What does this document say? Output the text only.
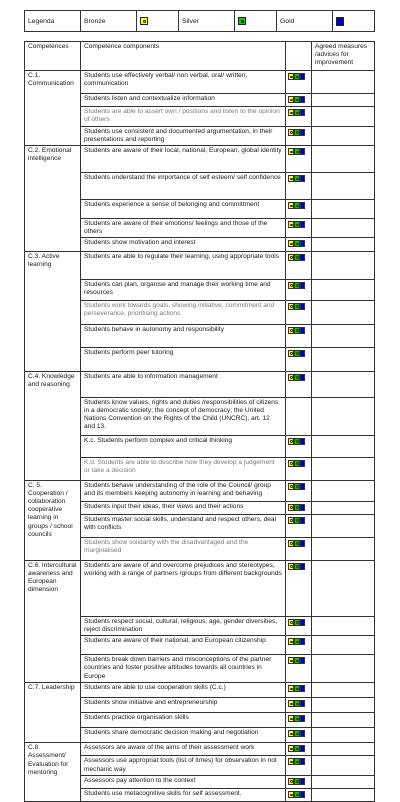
Legenda	Bronze		Silver		Gold	
Competences	Competence components		Agreed measures /advices for improvement
C.1. Communication	Students use effectively verbal/ non verbal, oral/ written, communication	

	Students listen and contextualize information	

	Students are able to assert own / positions and listen to the opinion of others	

	Students use consistent and documented argumentation, in their presentations and reporting	

C.2. Emotional intelligence	Students are aware of their local, national, European, global identity	

	Students understand the importance of self esteem/ self confidence	

	Students experience a sense of belonging and committment	

	Students are aware of their emotions/ feelings and those of the others	

	Students show motivation and interest	

C.3. Active learning	Students are able to regulate their learning, using appropriate tools	

	Students can plan, organise and manage their working time and resources	

	Students work towards goals, showing initiative, commitment and perseverance, prioritising actions	

	Students behave in autonomy and responsibility	

	Students perform peer tutoring	

C.4. Knowledge and reasoning	Students are able to information management	

	Students know values, rights and duties /responsibilities of citizens in a democratic society; the concept of democracy; the United Nations Convention on the Rights of the Child (UNCRC), art. 12 and 13.		
	K.c. Students perform complex and critical thinking	

	K.d. Students are able to describe how they develop a judgement or take a decision	

C. 5. Cooperation / collaboration cooperative learning in groups / school councils	Students behave understanding of the role of the Council/ group and its members keeping autonomy in learning and behaving	

	Students input their ideas, their views and their actions	

	Students master social skills, understand and respect others, deal with conflicts	

	Students show solidarity with the disadvantaged and the marginalised	

C.6. Intercultural awareness and European dimension	Students are aware of and overcome prejudices and stereotypes, working with a range of partners /groups from different backgrounds	

	Students respect social, cultural, religious, age, gender diversities, reject discrimination	

	Students are aware of their national, and European citizenship	

	Students break down barriers and misconceptions of the partner countries and foster positive attitudes towards all countries in Europe	

C.7. Leadership	Students are able to use cooperation skills (C.c.)	

	Students show initiative and entrepreneurship	

	Students practice organisation skills	

	Students share democratic decision making and negotiation	

C.8. Assessment/ Evaluation for mentoring	Assessors are aware of the aims of their assessment work	

	Assessors use appropriat tools (list of itmes) for observation in not mechanic way	

	Assessors pay attention to the context	

	Students use metacognitive skills for self assessment.	
